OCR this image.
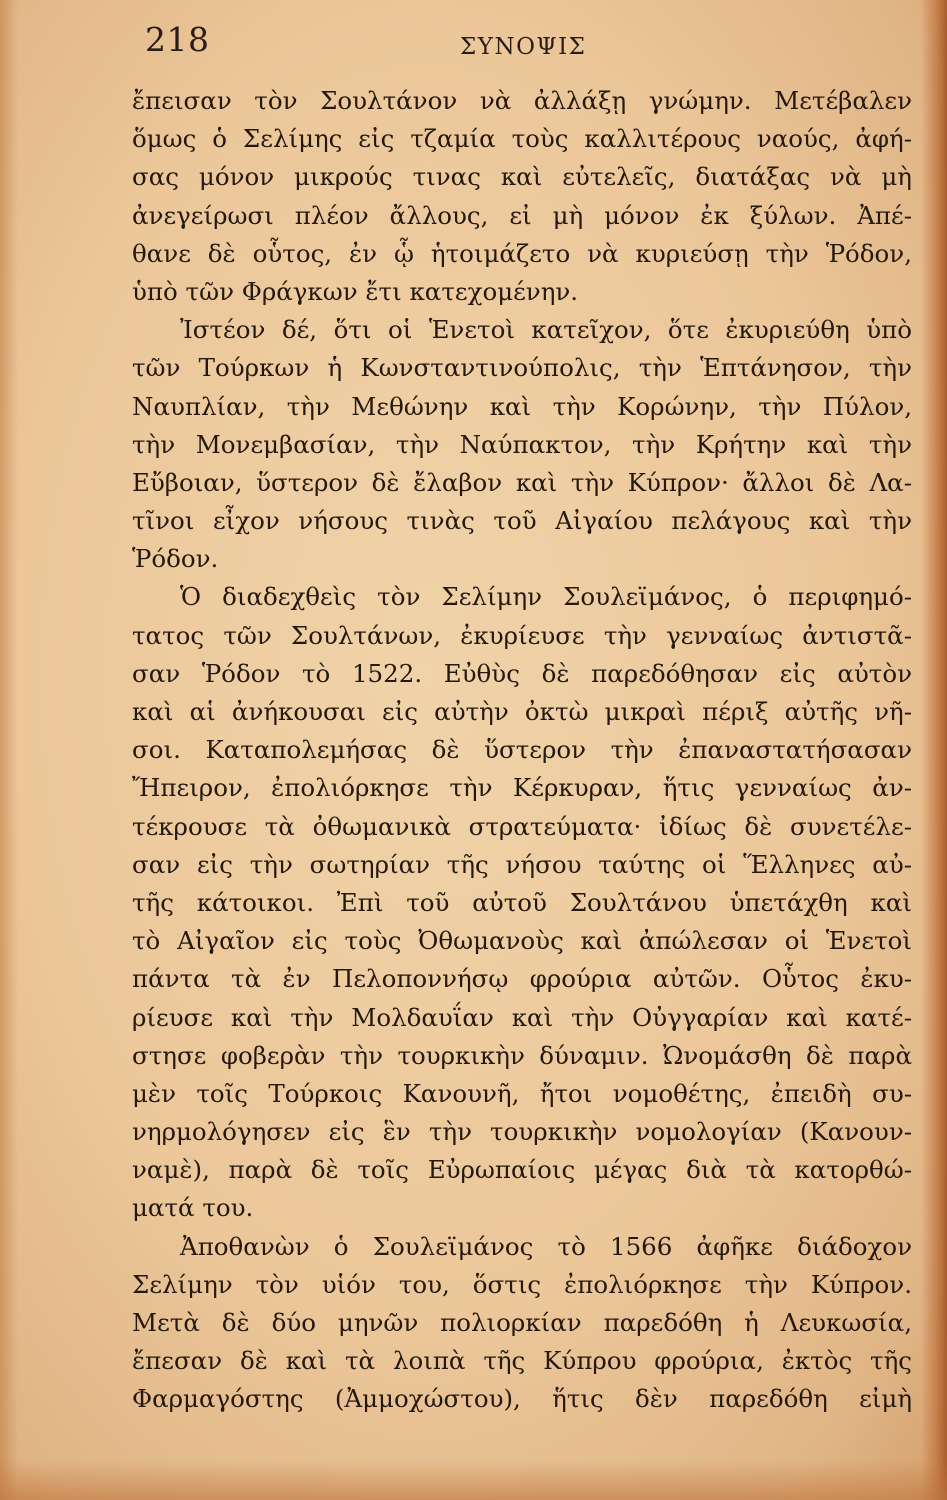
218	ΣΥΝΟΨΙΣ
ἔπεισαν τὸν Σουλτάνον νὰ ἀλλάξῃ γνώμην. Μετέβαλεν
ὅμως ὁ Σελίμης εἰς τζαμία τοὺς καλλιτέρους ναούς, ἀφή-
σας μόνον μικρούς τινας καὶ εὐτελεῖς, διατάξας νὰ μὴ
ἀνεγείρωσι πλέον ἄλλους, εἰ μὴ μόνον ἐκ ξύλων. Ἀπέ-
θανε δὲ οὗτος, ἐν ᾧ ἡτοιμάζετο νὰ κυριεύσῃ τὴν Ῥόδον,
ὑπὸ τῶν Φράγκων ἔτι κατεχομένην.
Ἰστέον δέ, ὅτι οἱ Ἑνετοὶ κατεῖχον, ὅτε ἐκυριεύθη ὑπὸ
τῶν Τούρκων ἡ Κωνσταντινούπολις, τὴν Ἑπτάνησον, τὴν
Ναυπλίαν, τὴν Μεθώνην καὶ τὴν Κορώνην, τὴν Πύλον,
τὴν Μονεμβασίαν, τὴν Ναύπακτον, τὴν Κρήτην καὶ τὴν
Εὔβοιαν, ὕστερον δὲ ἔλαβον καὶ τὴν Κύπρον· ἄλλοι δὲ Λα-
τῖνοι εἶχον νήσους τινὰς τοῦ Αἰγαίου πελάγους καὶ τὴν
Ῥόδον.
Ὁ διαδεχθεὶς τὸν Σελίμην Σουλεϊμάνος, ὁ περιφημό-
τατος τῶν Σουλτάνων, ἐκυρίευσε τὴν γενναίως ἀντιστᾶ-
σαν Ῥόδον τὸ 1522. Εὐθὺς δὲ παρεδόθησαν εἰς αὐτὸν
καὶ αἱ ἀνήκουσαι εἰς αὐτὴν ὀκτὼ μικραὶ πέριξ αὐτῆς νῆ-
σοι. Καταπολεμήσας δὲ ὕστερον τὴν ἐπαναστατήσασαν
Ἤπειρον, ἐπολιόρκησε τὴν Κέρκυραν, ἥτις γενναίως ἀν-
τέκρουσε τὰ ὀθωμανικὰ στρατεύματα· ἰδίως δὲ συνετέλε-
σαν εἰς τὴν σωτηρίαν τῆς νήσου ταύτης οἱ Ἕλληνες αὐ-
τῆς κάτοικοι. Ἐπὶ τοῦ αὐτοῦ Σουλτάνου ὑπετάχθη καὶ
τὸ Αἰγαῖον εἰς τοὺς Ὀθωμανοὺς καὶ ἀπώλεσαν οἱ Ἑνετοὶ
πάντα τὰ ἐν Πελοποννήσῳ φρούρια αὐτῶν. Οὗτος ἐκυ-
ρίευσε καὶ τὴν Μολδαυΐαν καὶ τὴν Οὐγγαρίαν καὶ κατέ-
στησε φοβερὰν τὴν τουρκικὴν δύναμιν. Ὠνομάσθη δὲ παρὰ
μὲν τοῖς Τούρκοις Κανουνῆ, ἤτοι νομοθέτης, ἐπειδὴ συ-
νηρμολόγησεν εἰς ἓν τὴν τουρκικὴν νομολογίαν (Κανουν-
ναμὲ), παρὰ δὲ τοῖς Εὐρωπαίοις μέγας διὰ τὰ κατορθώ-
ματά του.
Ἀποθανὼν ὁ Σουλεϊμάνος τὸ 1566 ἀφῆκε διάδοχον
Σελίμην τὸν υἱόν του, ὅστις ἐπολιόρκησε τὴν Κύπρον.
Μετὰ δὲ δύο μηνῶν πολιορκίαν παρεδόθη ἡ Λευκωσία,
ἔπεσαν δὲ καὶ τὰ λοιπὰ τῆς Κύπρου φρούρια, ἐκτὸς τῆς
Φαρμαγόστης (Ἀμμοχώστου), ἥτις δὲν παρεδόθη εἰμὴ
